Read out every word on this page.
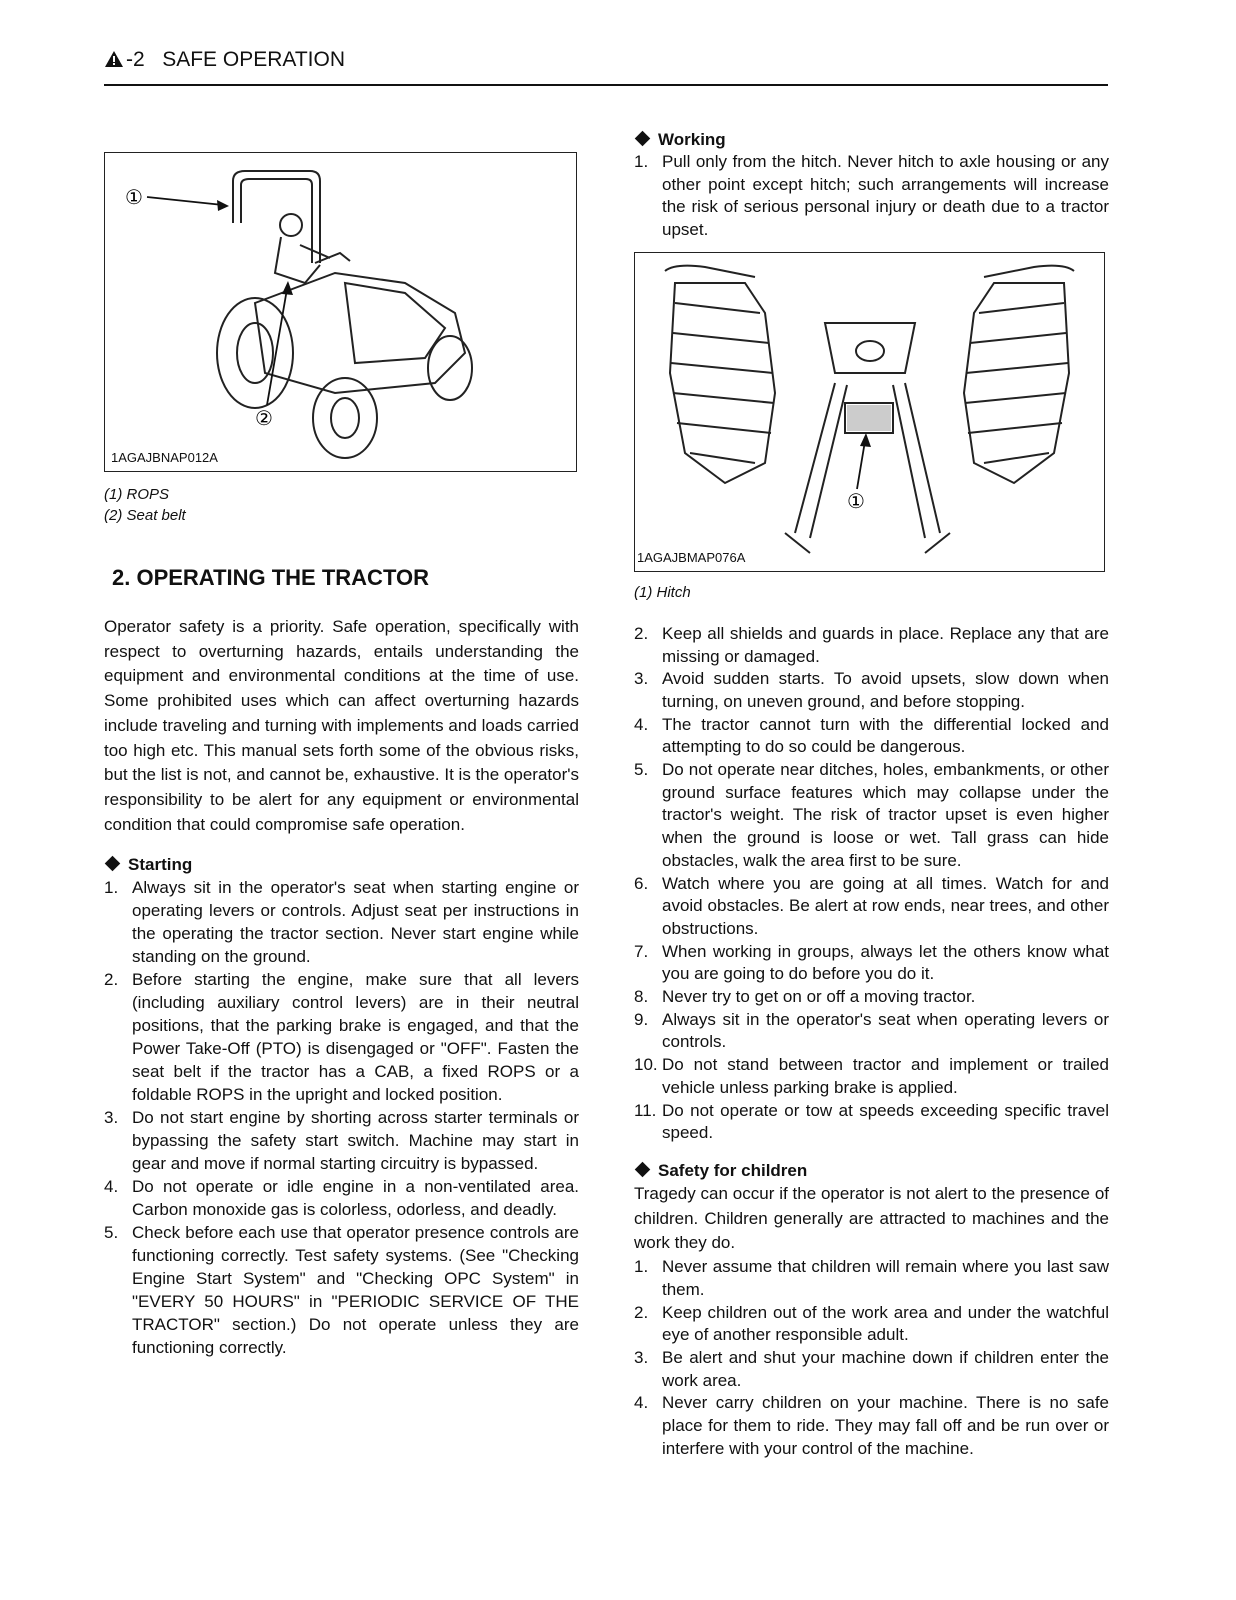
-2 SAFE OPERATION
①
②
1AGAJBNAP012A
(1) ROPS
(2) Seat belt
2. OPERATING THE TRACTOR

Operator safety is a priority. Safe operation, specifically with respect to overturning hazards, entails understanding the equipment and environmental conditions at the time of use. Some prohibited uses which can affect overturning hazards include traveling and turning with implements and loads carried too high etc. This manual sets forth some of the obvious risks, but the list is not, and cannot be, exhaustive. It is the operator's responsibility to be alert for any equipment or environmental condition that could compromise safe operation.

Starting
1. Always sit in the operator's seat when starting engine or operating levers or controls. Adjust seat per instructions in the operating the tractor section. Never start engine while standing on the ground.
2. Before starting the engine, make sure that all levers (including auxiliary control levers) are in their neutral positions, that the parking brake is engaged, and that the Power Take-Off (PTO) is disengaged or "OFF". Fasten the seat belt if the tractor has a CAB, a fixed ROPS or a foldable ROPS in the upright and locked position.
3. Do not start engine by shorting across starter terminals or bypassing the safety start switch. Machine may start in gear and move if normal starting circuitry is bypassed.
4. Do not operate or idle engine in a non-ventilated area. Carbon monoxide gas is colorless, odorless, and deadly.
5. Check before each use that operator presence controls are functioning correctly. Test safety systems. (See "Checking Engine Start System" and "Checking OPC System" in "EVERY 50 HOURS" in "PERIODIC SERVICE OF THE TRACTOR" section.) Do not operate unless they are functioning correctly.
Working
1. Pull only from the hitch. Never hitch to axle housing or any other point except hitch; such arrangements will increase the risk of serious personal injury or death due to a tractor upset.
①
1AGAJBMAP076A
(1) Hitch
2. Keep all shields and guards in place. Replace any that are missing or damaged.
3. Avoid sudden starts. To avoid upsets, slow down when turning, on uneven ground, and before stopping.
4. The tractor cannot turn with the differential locked and attempting to do so could be dangerous.
5. Do not operate near ditches, holes, embankments, or other ground surface features which may collapse under the tractor's weight. The risk of tractor upset is even higher when the ground is loose or wet. Tall grass can hide obstacles, walk the area first to be sure.
6. Watch where you are going at all times. Watch for and avoid obstacles. Be alert at row ends, near trees, and other obstructions.
7. When working in groups, always let the others know what you are going to do before you do it.
8. Never try to get on or off a moving tractor.
9. Always sit in the operator's seat when operating levers or controls.
10. Do not stand between tractor and implement or trailed vehicle unless parking brake is applied.
11. Do not operate or tow at speeds exceeding specific travel speed.
Safety for children

Tragedy can occur if the operator is not alert to the presence of children. Children generally are attracted to machines and the work they do.

1. Never assume that children will remain where you last saw them.
2. Keep children out of the work area and under the watchful eye of another responsible adult.
3. Be alert and shut your machine down if children enter the work area.
4. Never carry children on your machine. There is no safe place for them to ride. They may fall off and be run over or interfere with your control of the machine.
